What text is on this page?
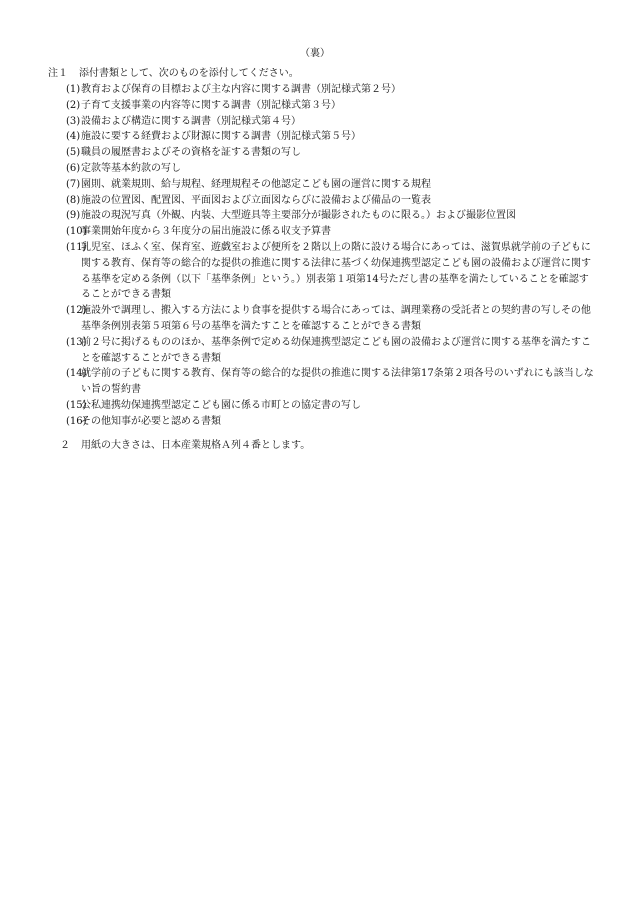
（裏）
注１ 添付書類として、次のものを添付してください。
(1) 教育および保育の目標および主な内容に関する調書（別記様式第２号）
(2) 子育て支援事業の内容等に関する調書（別記様式第３号）
(3) 設備および構造に関する調書（別記様式第４号）
(4) 施設に要する経費および財源に関する調書（別記様式第５号）
(5) 職員の履歴書およびその資格を証する書類の写し
(6) 定款等基本約款の写し
(7) 園則、就業規則、給与規程、経理規程その他認定こども園の運営に関する規程
(8) 施設の位置図、配置図、平面図および立面図ならびに設備および備品の一覧表
(9) 施設の現況写真（外観、内装、大型遊具等主要部分が撮影されたものに限る。）および撮影位置図
(10)
事業開始年度から３年度分の届出施設に係る収支予算書
(11)
乳児室、ほふく室、保育室、遊戯室および便所を２階以上の階に設ける場合にあっては、滋賀県就学前の子どもに関する教育、保育等の総合的な提供の推進に関する法律に基づく幼保連携型認定こども園の設備および運営に関する基準を定める条例（以下「基準条例」という。）別表第１項第14号ただし書の基準を満たしていることを確認することができる書類
(12)
施設外で調理し、搬入する方法により食事を提供する場合にあっては、調理業務の受託者との契約書の写しその他基準条例別表第５項第６号の基準を満たすことを確認することができる書類
(13)
前２号に掲げるもののほか、基準条例で定める幼保連携型認定こども園の設備および運営に関する基準を満たすことを確認することができる書類
(14)
就学前の子どもに関する教育、保育等の総合的な提供の推進に関する法律第17条第２項各号のいずれにも該当しない旨の誓約書
(15)
公私連携幼保連携型認定こども園に係る市町との協定書の写し
(16)
その他知事が必要と認める書類
２ 用紙の大きさは、日本産業規格Ａ列４番とします。
